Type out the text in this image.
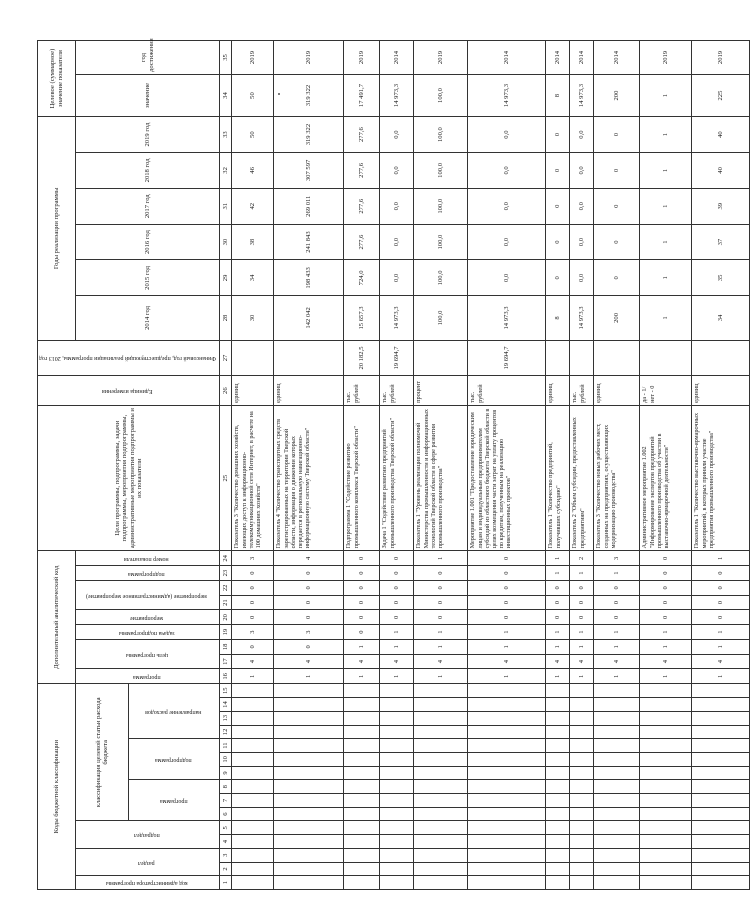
Коды бюджетной классификации															Дополнительный аналитический код									Цели программы, подпрограммы, задачи подпрограммы, мероприятия подпрограммы, административные мероприятия подпрограммы и их показатели	Единица измерения	Финансовый год, предшествующий реализации программы, 2013 год	Годы реализации программы						Целевое (суммарное) значение показателя	
код администратора программы	раздел		подраздел		классификация целевой статьи расхода бюджета										программа	цель программы		задача подпрограммы	мероприятие	мероприятие (административное мероприятие)		подпрограмма	номер показателя				2014 год	2015 год	2016 год	2017 год	2018 год	2019 год	значение	год достижения
					программа			подпрограмма			направление расходов																							
1	2	3	4	5	6	7	8	9	10	11	12	13	14	15	16	17	18	19	20	21	22	23	24	25	26	27	28	29	30	31	32	33	34	35
															1	4	0	3	0	0	0	0	3	Показатель 3 "Количество домашних хозяйств, имеющих доступ к информационно-телекоммуникационной сети Интернет, в расчете на 100 домашних хозяйств"	единиц		30	34	38	42	46	50	50	2019
															1	4	0	3	0	0	0	0	4	Показатель 4 "Количество транспортных средств зарегистрированных на территории Тверской области, информация о движении которых передается в региональную навигационно-информационную систему Тверской области"	единиц		142 042	198 433	241 843	269 011	307 597	319 322	319 322	2019
															1	4	1	0	0	0	0	0	0	Подпрограмма 1 "Содействие развитию промышленного комплекса Тверской области"	тыс. рублей	20 182,5	15 657,3	724,0	277,6	277,6	277,6	277,6	17 491,7	2019
															1	4	1	1	0	0	0	0	0	Задача 1 "Содействие развитию предприятий промышленного производства Тверской области"	тыс. рублей	19 694,7	14 973,3	0,0	0,0	0,0	0,0	0,0	14 973,3	2014
															1	4	1	1	0	0	0	0	1	Показатель 1 "Уровень реализации полномочий Министерства промышленности и информационных технологий Тверской области в сфере развития промышленного производства"	процент		100,0	100,0	100,0	100,0	100,0	100,0	100,0	2019
															1	4	1	1	0	0	0	0	0	Мероприятие 1.001 "Предоставление юридическим лицам и индивидуальным предпринимателям субсидий из областного бюджета Тверской области в целях возмещения части затрат на уплату процентов по кредитам, полученным на реализацию инвестиционных проектов"	тыс. рублей	19 694,7	14 973,3	0,0	0,0	0,0	0,0	0,0	14 973,3	2014
															1	4	1	1	0	0	0	1	1	Показатель 1 "Количество предприятий, получивших субсидию"	единиц		8	0	0	0	0	0	8	2014
															1	4	1	1	0	0	0	1	2	Показатель 2 "Объем субсидии, предоставленных предприятиям"	тыс. рублей		14 973,3	0,0	0,0	0,0	0,0	0,0	14 973,3	2014
															1	4	1	1	0	0	0	1	3	Показатель 3 "Количество новых рабочих мест, созданных на предприятиях, осуществляющих модернизацию производства"	единиц		200	0	0	0	0	0	200	2014
															1	4	1	1	0	0	0	0	0	Административное мероприятие 1.002 "Информирование экспертов предприятий промышленного производства об участии в выставочно-ярмарочной деятельности"	да - 1/ нет - 0		1	1	1	1	1	1	1	2019
															1	4	1	1	0	0	0	0	1	Показатель 1 "Количество выставочно-ярмарочных мероприятий, в которых приняли участие предприятия промышленного производства"	единиц		34	35	37	39	40	40	225	2019
